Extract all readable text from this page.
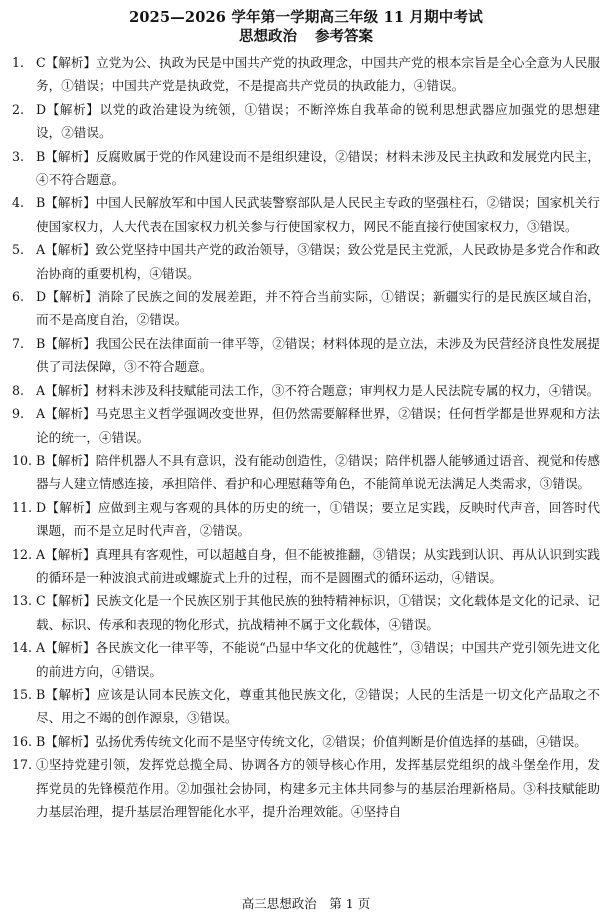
2025—2026 学年第一学期高三年级 11 月期中考试
思想政治 参考答案
1. C【解析】立党为公、执政为民是中国共产党的执政理念，中国共产党的根本宗旨是全心全意为人民服务，①错误；中国共产党是执政党，不是提高共产党员的执政能力，④错误。
2. D【解析】以党的政治建设为统领，①错误；不断淬炼自我革命的锐利思想武器应加强党的思想建设，②错误。
3. B【解析】反腐败属于党的作风建设而不是组织建设，②错误；材料未涉及民主执政和发展党内民主，④不符合题意。
4. B【解析】中国人民解放军和中国人民武装警察部队是人民民主专政的坚强柱石，②错误；国家机关行使国家权力，人大代表在国家权力机关参与行使国家权力，网民不能直接行使国家权力，③错误。
5. A【解析】致公党坚持中国共产党的政治领导，③错误；致公党是民主党派，人民政协是多党合作和政治协商的重要机构，④错误。
6. D【解析】消除了民族之间的发展差距，并不符合当前实际，①错误；新疆实行的是民族区域自治，而不是高度自治，②错误。
7. B【解析】我国公民在法律面前一律平等，②错误；材料体现的是立法，未涉及为民营经济良性发展提供了司法保障，③不符合题意。
8. A【解析】材料未涉及科技赋能司法工作，③不符合题意；审判权力是人民法院专属的权力，④错误。
9. A【解析】马克思主义哲学强调改变世界，但仍然需要解释世界，②错误；任何哲学都是世界观和方法论的统一，④错误。
10. B【解析】陪伴机器人不具有意识，没有能动创造性，②错误；陪伴机器人能够通过语音、视觉和传感器与人建立情感连接，承担陪伴、看护和心理慰藉等角色，不能简单说无法满足人类需求，③错误。
11. D【解析】应做到主观与客观的具体的历史的统一，①错误；要立足实践，反映时代声音，回答时代课题，而不是立足时代声音，②错误。
12. A【解析】真理具有客观性，可以超越自身，但不能被推翻，③错误；从实践到认识、再从认识到实践的循环是一种波浪式前进或螺旋式上升的过程，而不是圆圈式的循环运动，④错误。
13. C【解析】民族文化是一个民族区别于其他民族的独特精神标识，①错误；文化载体是文化的记录、记载、标识、传承和表现的物化形式，抗战精神不属于文化载体，④错误。
14. A【解析】各民族文化一律平等，不能说“凸显中华文化的优越性”，③错误；中国共产党引领先进文化的前进方向，④错误。
15. B【解析】应该是认同本民族文化，尊重其他民族文化，②错误；人民的生活是一切文化产品取之不尽、用之不竭的创作源泉，③错误。
16. B【解析】弘扬优秀传统文化而不是坚守传统文化，②错误；价值判断是价值选择的基础，④错误。
17. ①坚持党建引领，发挥党总揽全局、协调各方的领导核心作用，发挥基层党组织的战斗堡垒作用，发挥党员的先锋模范作用。②加强社会协同，构建多元主体共同参与的基层治理新格局。③科技赋能助力基层治理，提升基层治理智能化水平，提升治理效能。④坚持自
高三思想政治　第 1 页
